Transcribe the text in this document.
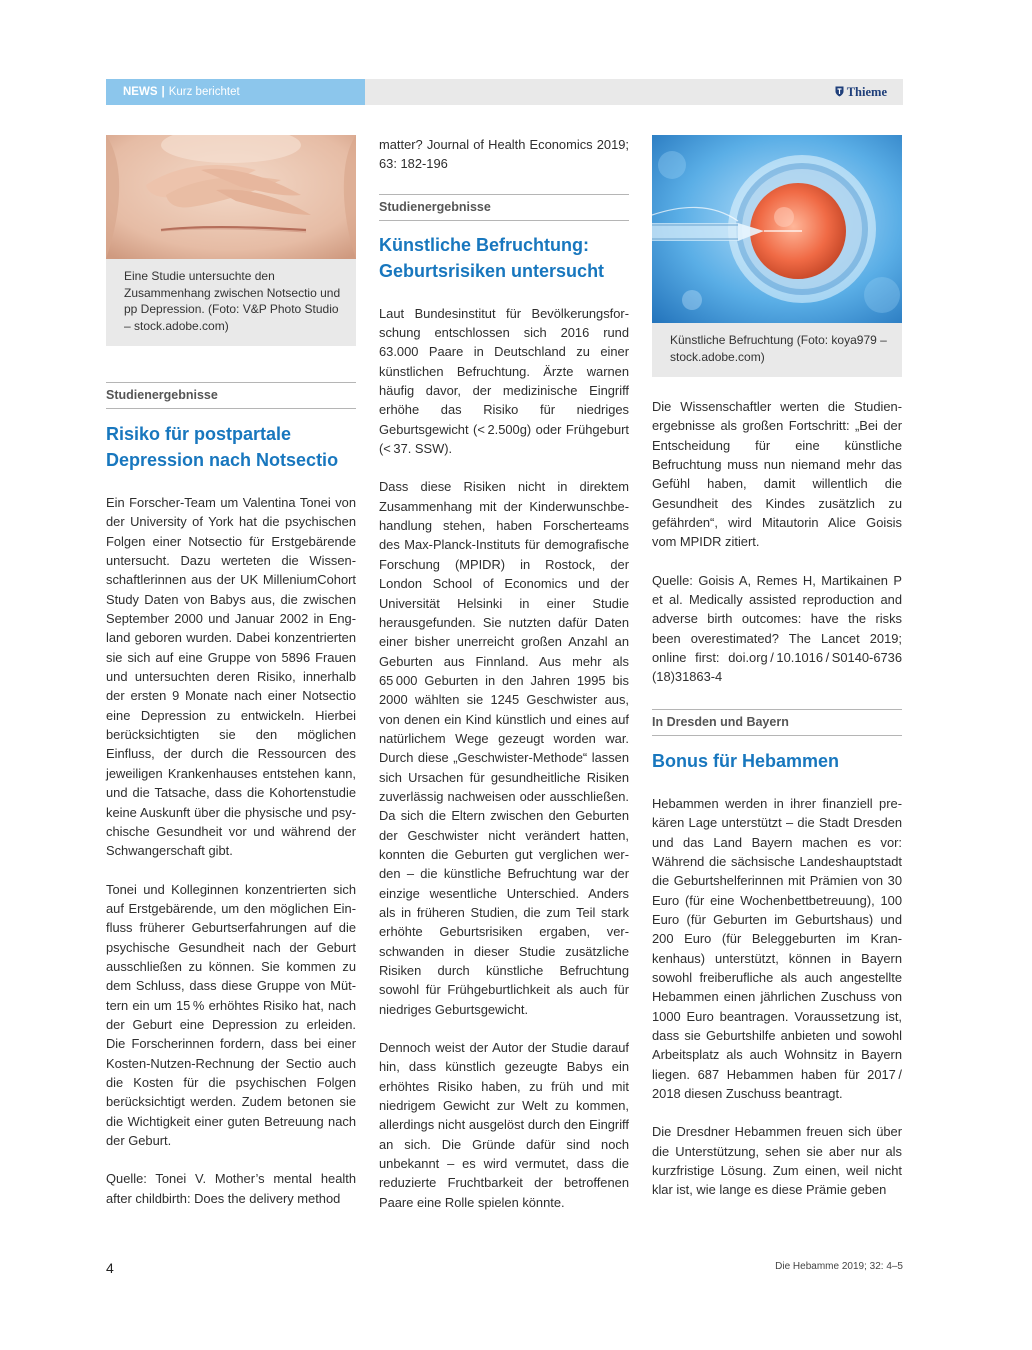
NEWS | Kurz berichtet	Thieme
Eine Studie untersuchte den Zusammenhang zwischen Notsectio und pp Depression. (Foto: V&P Photo Studio – stock.adobe.com)
Studienergebnisse
Risiko für postpartale Depression nach Notsectio

Ein Forscher-Team um Valentina Tonei von der University of York hat die psychischen Folgen einer Notsectio für Erstgebärende untersucht. Dazu werteten die Wissenschaftlerinnen aus der UK MilleniumCohort Study Daten von Babys aus, die zwischen September 2000 und Januar 2002 in England geboren wurden. Dabei konzentrierten sie sich auf eine Gruppe von 5896 Frauen und untersuchten deren Risiko, innerhalb der ersten 9 Monate nach einer Notsectio eine Depression zu entwickeln. Hierbei berücksichtigten sie den möglichen Einfluss, der durch die Ressourcen des jeweiligen Krankenhauses entstehen kann, und die Tatsache, dass die Kohortenstudie keine Auskunft über die physische und psychische Gesundheit vor und während der Schwangerschaft gibt.

Tonei und Kolleginnen konzentrierten sich auf Erstgebärende, um den möglichen Einfluss früherer Geburtserfahrungen auf die psychische Gesundheit nach der Geburt ausschließen zu können. Sie kommen zu dem Schluss, dass diese Gruppe von Müttern ein um 15 % erhöhtes Risiko hat, nach der Geburt eine Depression zu erleiden. Die Forscherinnen fordern, dass bei einer Kosten-Nutzen-Rechnung der Sectio auch die Kosten für die psychischen Folgen berücksichtigt werden. Zudem betonen sie die Wichtigkeit einer guten Betreuung nach der Geburt.

Quelle: Tonei V. Mother’s mental health after childbirth: Does the delivery method

matter? Journal of Health Economics 2019; 63: 182-196

Studienergebnisse
Künstliche Befruchtung: Geburtsrisiken untersucht

Laut Bundesinstitut für Bevölkerungsforschung entschlossen sich 2016 rund 63.000 Paare in Deutschland zu einer künstlichen Befruchtung. Ärzte warnen häufig davor, der medizinische Eingriff erhöhe das Risiko für niedriges Geburtsgewicht (< 2.500g) oder Frühgeburt (< 37. SSW).

Dass diese Risiken nicht in direktem Zusammenhang mit der Kinderwunschbehandlung stehen, haben Forscherteams des Max-Planck-Instituts für demografische Forschung (MPIDR) in Rostock, der London School of Economics und der Universität Helsinki in einer Studie herausgefunden. Sie nutzten dafür Daten einer bisher unerreicht großen Anzahl an Geburten aus Finnland. Aus mehr als 65 000 Geburten in den Jahren 1995 bis 2000 wählten sie 1245 Geschwister aus, von denen ein Kind künstlich und eines auf natürlichem Wege gezeugt worden war. Durch diese „Geschwister-Methode“ lassen sich Ursachen für gesundheitliche Risiken zuverlässig nachweisen oder ausschließen. Da sich die Eltern zwischen den Geburten der Geschwister nicht verändert hatten, konnten die Geburten gut verglichen werden – die künstliche Befruchtung war der einzige wesentliche Unterschied. Anders als in früheren Studien, die zum Teil stark erhöhte Geburtsrisiken ergaben, verschwanden in dieser Studie zusätzliche Risiken durch künstliche Befruchtung sowohl für Frühgeburtlichkeit als auch für niedriges Geburtsgewicht.

Dennoch weist der Autor der Studie darauf hin, dass künstlich gezeugte Babys ein erhöhtes Risiko haben, zu früh und mit niedrigem Gewicht zur Welt zu kommen, allerdings nicht ausgelöst durch den Eingriff an sich. Die Gründe dafür sind noch unbekannt – es wird vermutet, dass die reduzierte Fruchtbarkeit der betroffenen Paare eine Rolle spielen könnte.

Künstliche Befruchtung (Foto: koya979 – stock.adobe.com)

Die Wissenschaftler werten die Studienergebnisse als großen Fortschritt: „Bei der Entscheidung für eine künstliche Befruchtung muss nun niemand mehr das Gefühl haben, damit willentlich die Gesundheit des Kindes zusätzlich zu gefährden“, wird Mitautorin Alice Goisis vom MPIDR zitiert.

Quelle: Goisis A, Remes H, Martikainen P et al. Medically assisted reproduction and adverse birth outcomes: have the risks been overestimated? The Lancet 2019; online first: doi.org / 10.1016 / S0140-6736 (18)31863-4

In Dresden und Bayern
Bonus für Hebammen

Hebammen werden in ihrer finanziell prekären Lage unterstützt – die Stadt Dresden und das Land Bayern machen es vor: Während die sächsische Landeshauptstadt die Geburtshelferinnen mit Prämien von 30 Euro (für eine Wochenbettbetreuung), 100 Euro (für Geburten im Geburtshaus) und 200 Euro (für Beleggeburten im Krankenhaus) unterstützt, können in Bayern sowohl freiberufliche als auch angestellte Hebammen einen jährlichen Zuschuss von 1000 Euro beantragen. Voraussetzung ist, dass sie Geburtshilfe anbieten und sowohl Arbeitsplatz als auch Wohnsitz in Bayern liegen. 687 Hebammen haben für 2017 / 2018 diesen Zuschuss beantragt.

Die Dresdner Hebammen freuen sich über die Unterstützung, sehen sie aber nur als kurzfristige Lösung. Zum einen, weil nicht klar ist, wie lange es diese Prämie geben

4	Die Hebamme 2019; 32: 4–5
